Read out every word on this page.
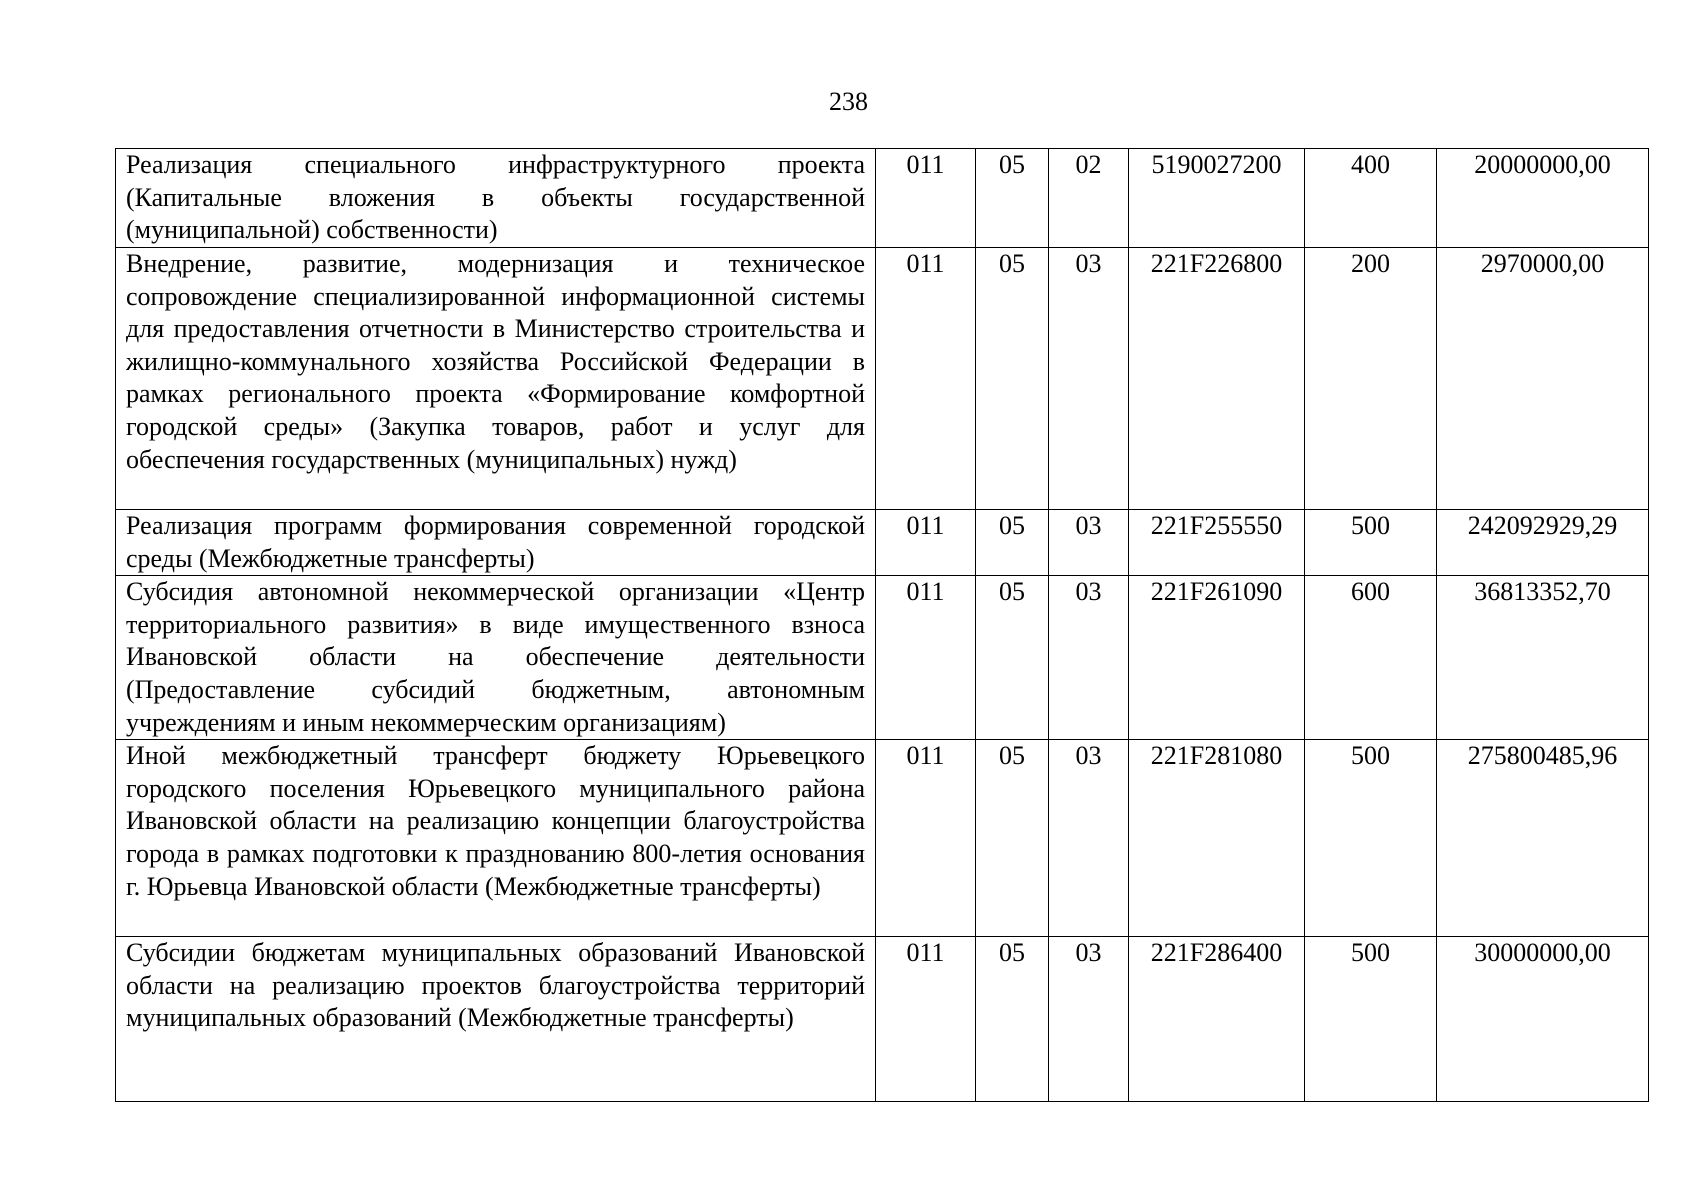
238
Реализация специального инфраструктурного проекта (Капитальные вложения в объекты государственной (муниципальной) собственности)	011	05	02	5190027200	400	20000000,00
Внедрение, развитие, модернизация и техническое сопровождение специализированной информационной системы для предоставления отчетности в Министерство строительства и жилищно-коммунального хозяйства Российской Федерации в рамках регионального проекта «Формирование комфортной городской среды» (Закупка товаров, работ и услуг для обеспечения государственных (муниципальных) нужд)	011	05	03	221F226800	200	2970000,00
Реализация программ формирования современной городской среды (Межбюджетные трансферты)	011	05	03	221F255550	500	242092929,29
Субсидия автономной некоммерческой организации «Центр территориального развития» в виде имущественного взноса Ивановской области на обеспечение деятельности (Предоставление субсидий бюджетным, автономным учреждениям и иным некоммерческим организациям)	011	05	03	221F261090	600	36813352,70
Иной межбюджетный трансферт бюджету Юрьевецкого городского поселения Юрьевецкого муниципального района Ивановской области на реализацию концепции благоустройства города в рамках подготовки к празднованию 800-летия основания г. Юрьевца Ивановской области (Межбюджетные трансферты)	011	05	03	221F281080	500	275800485,96
Субсидии бюджетам муниципальных образований Ивановской области на реализацию проектов благоустройства территорий муниципальных образований (Межбюджетные трансферты)	011	05	03	221F286400	500	30000000,00
